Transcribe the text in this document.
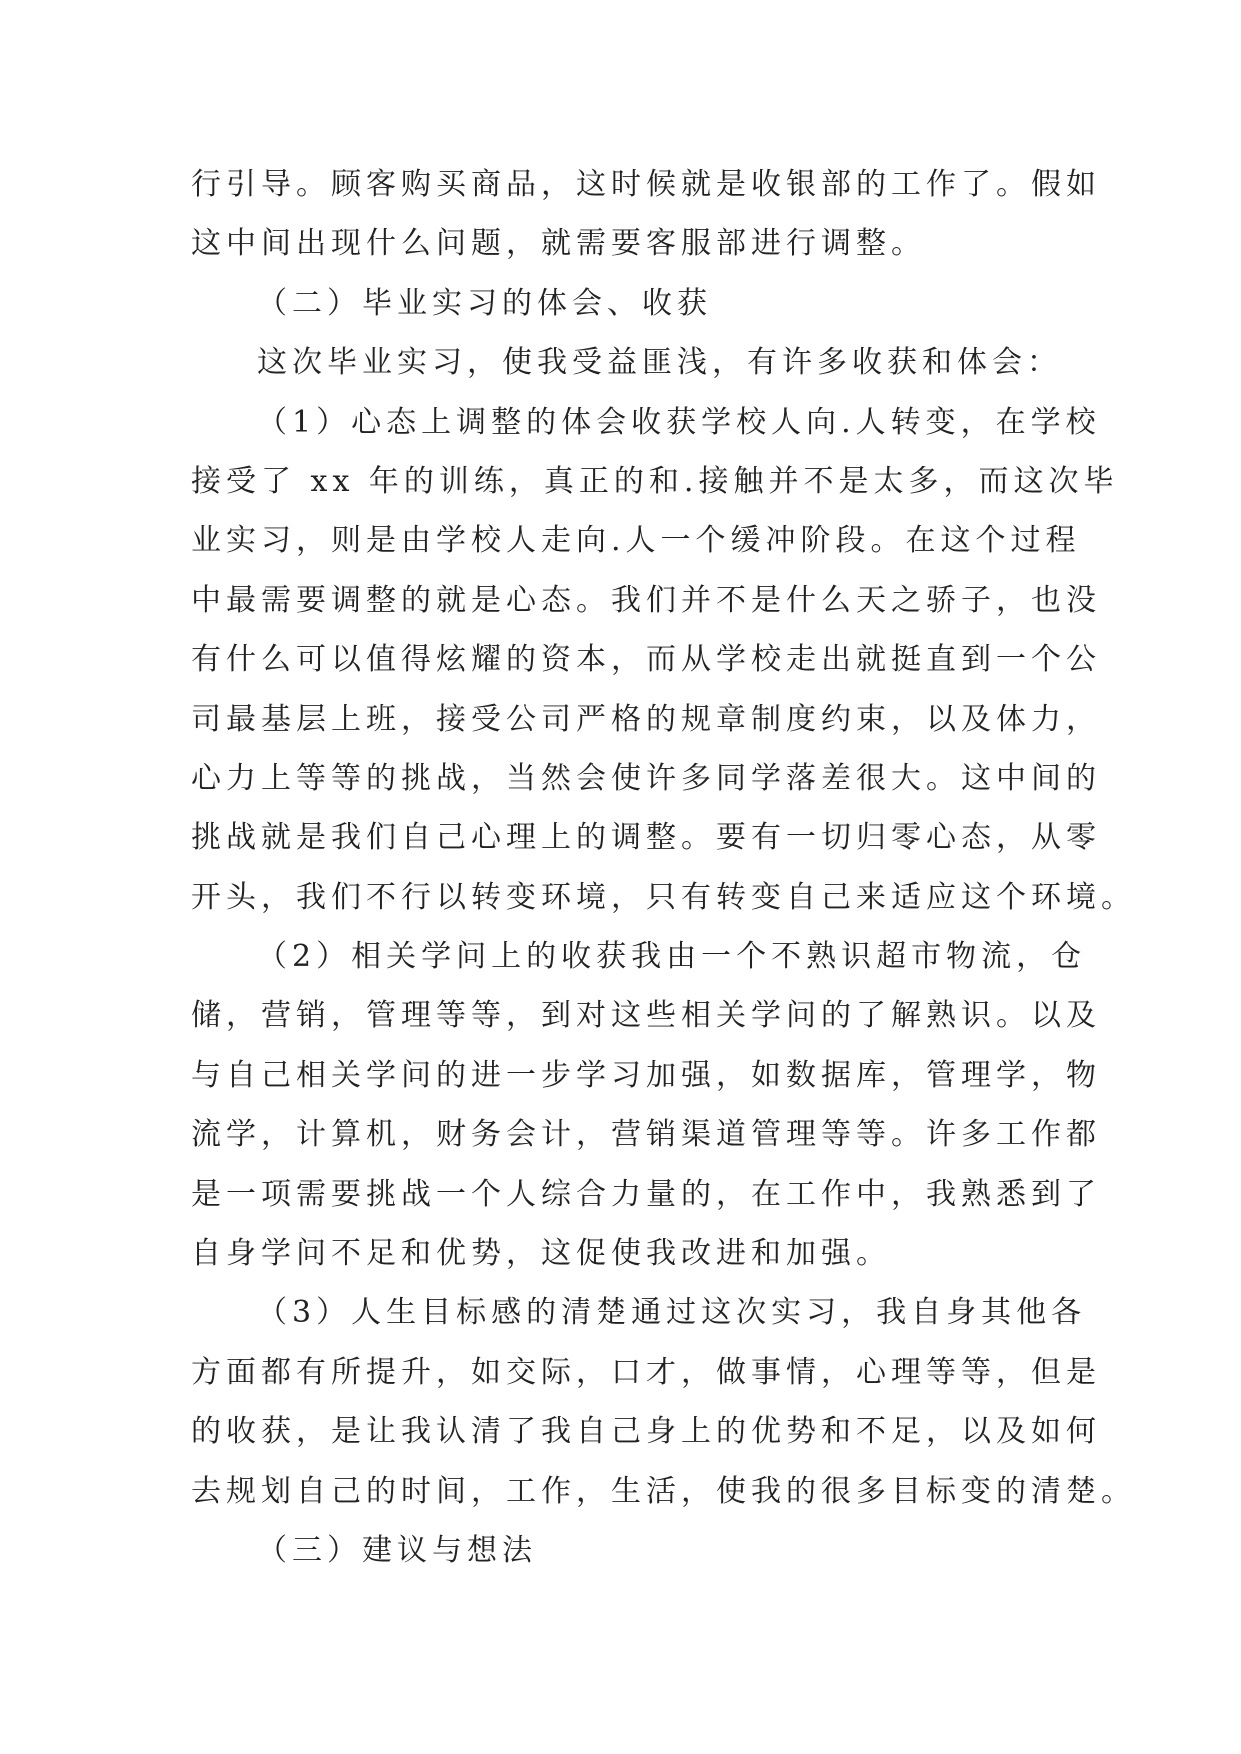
行引导。顾客购买商品，这时候就是收银部的工作了。假如
这中间出现什么问题，就需要客服部进行调整。
（二）毕业实习的体会、收获
这次毕业实习，使我受益匪浅，有许多收获和体会：
（1）心态上调整的体会收获学校人向.人转变，在学校
接受了 xx 年的训练，真正的和.接触并不是太多，而这次毕
业实习，则是由学校人走向.人一个缓冲阶段。在这个过程
中最需要调整的就是心态。我们并不是什么天之骄子，也没
有什么可以值得炫耀的资本，而从学校走出就挺直到一个公
司最基层上班，接受公司严格的规章制度约束，以及体力，
心力上等等的挑战，当然会使许多同学落差很大。这中间的
挑战就是我们自己心理上的调整。要有一切归零心态，从零
开头，我们不行以转变环境，只有转变自己来适应这个环境。
（2）相关学问上的收获我由一个不熟识超市物流，仓
储，营销，管理等等，到对这些相关学问的了解熟识。以及
与自己相关学问的进一步学习加强，如数据库，管理学，物
流学，计算机，财务会计，营销渠道管理等等。许多工作都
是一项需要挑战一个人综合力量的，在工作中，我熟悉到了
自身学问不足和优势，这促使我改进和加强。
（3）人生目标感的清楚通过这次实习，我自身其他各
方面都有所提升，如交际，口才，做事情，心理等等，但是
的收获，是让我认清了我自己身上的优势和不足，以及如何
去规划自己的时间，工作，生活，使我的很多目标变的清楚。
（三）建议与想法
